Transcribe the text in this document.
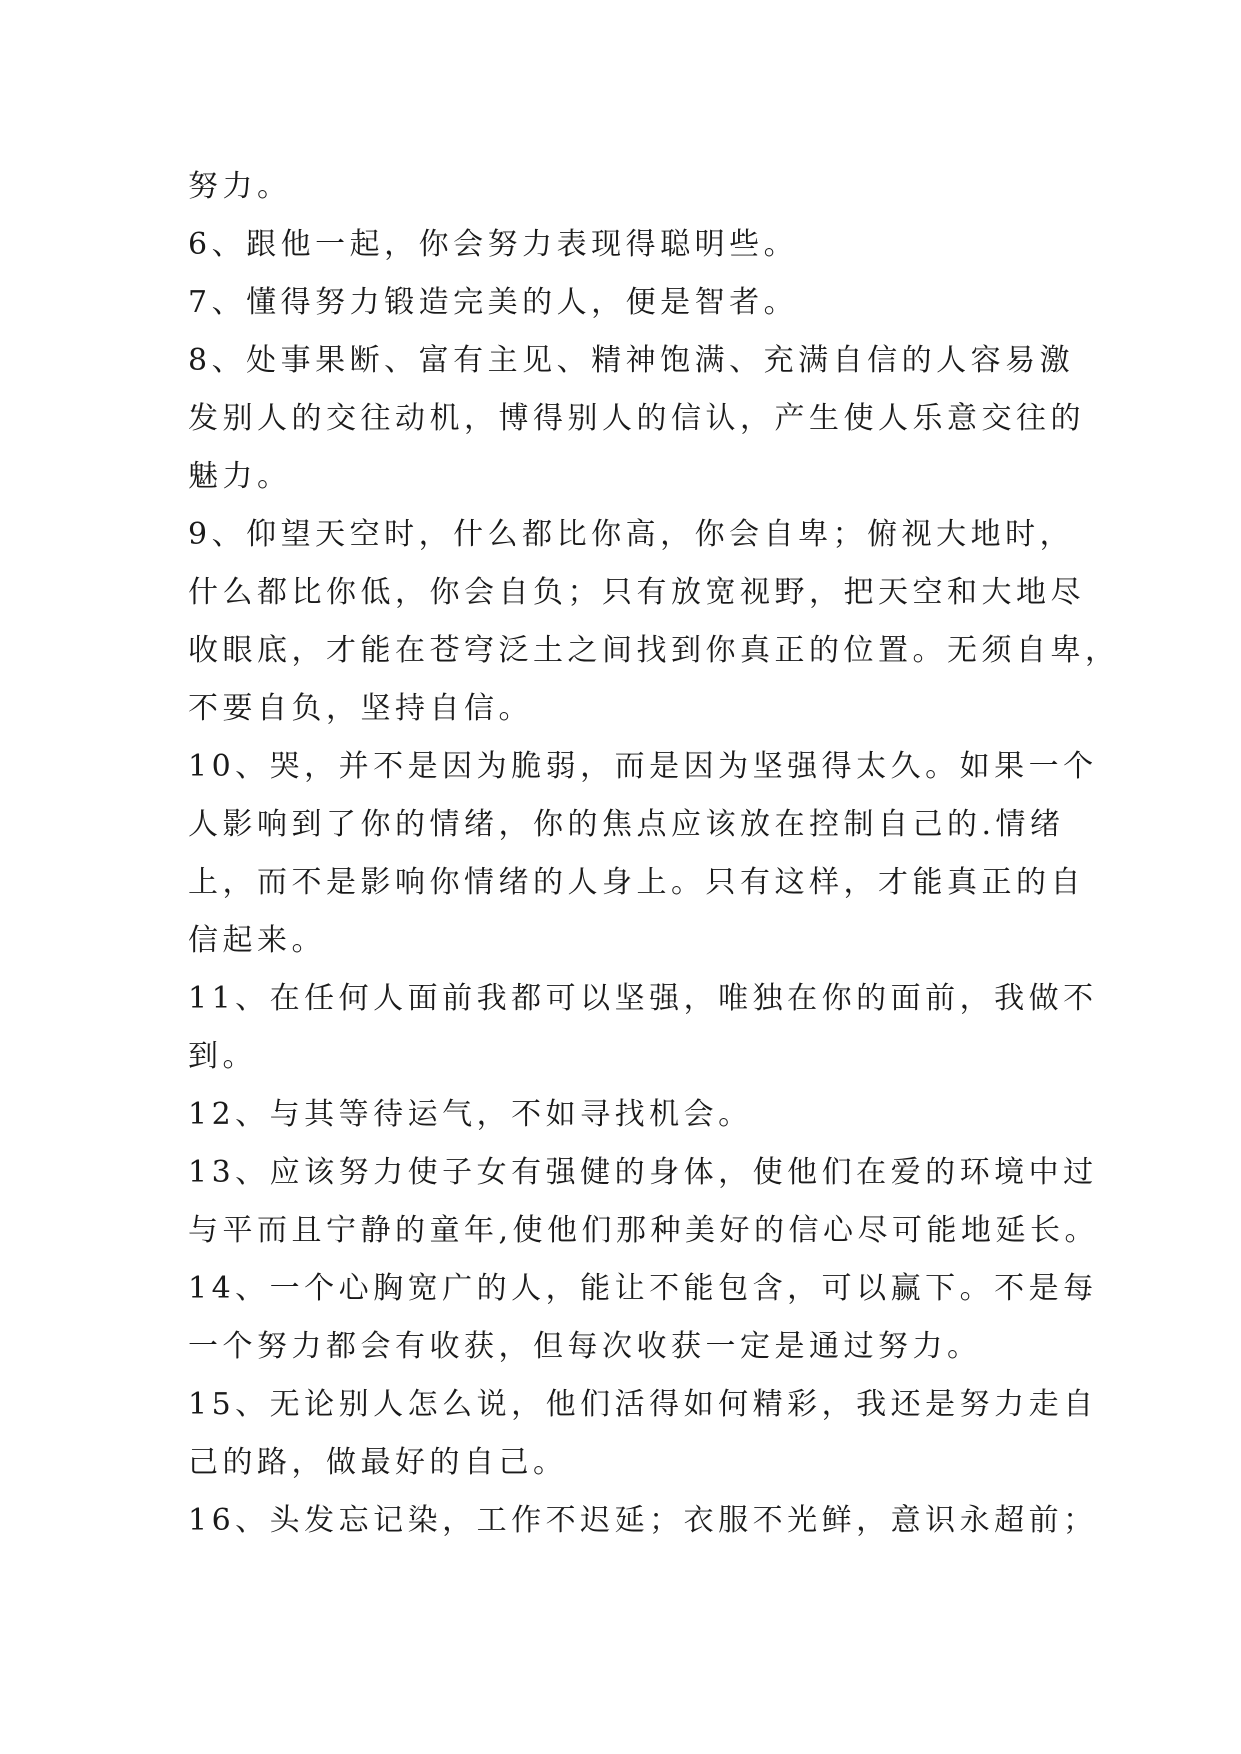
努力。
6、跟他一起，你会努力表现得聪明些。
7、懂得努力锻造完美的人，便是智者。
8、处事果断、富有主见、精神饱满、充满自信的人容易激
发别人的交往动机，博得别人的信认，产生使人乐意交往的
魅力。
9、仰望天空时，什么都比你高，你会自卑；俯视大地时，
什么都比你低，你会自负；只有放宽视野，把天空和大地尽
收眼底，才能在苍穹泛土之间找到你真正的位置。无须自卑，
不要自负，坚持自信。
10、哭，并不是因为脆弱，而是因为坚强得太久。如果一个
人影响到了你的情绪，你的焦点应该放在控制自己的.情绪
上，而不是影响你情绪的人身上。只有这样，才能真正的自
信起来。
11、在任何人面前我都可以坚强，唯独在你的面前，我做不
到。
12、与其等待运气，不如寻找机会。
13、应该努力使子女有强健的身体，使他们在爱的环境中过
与平而且宁静的童年,使他们那种美好的信心尽可能地延长。
14、一个心胸宽广的人，能让不能包含，可以赢下。不是每
一个努力都会有收获，但每次收获一定是通过努力。
15、无论别人怎么说，他们活得如何精彩，我还是努力走自
己的路，做最好的自己。
16、头发忘记染，工作不迟延；衣服不光鲜，意识永超前；
